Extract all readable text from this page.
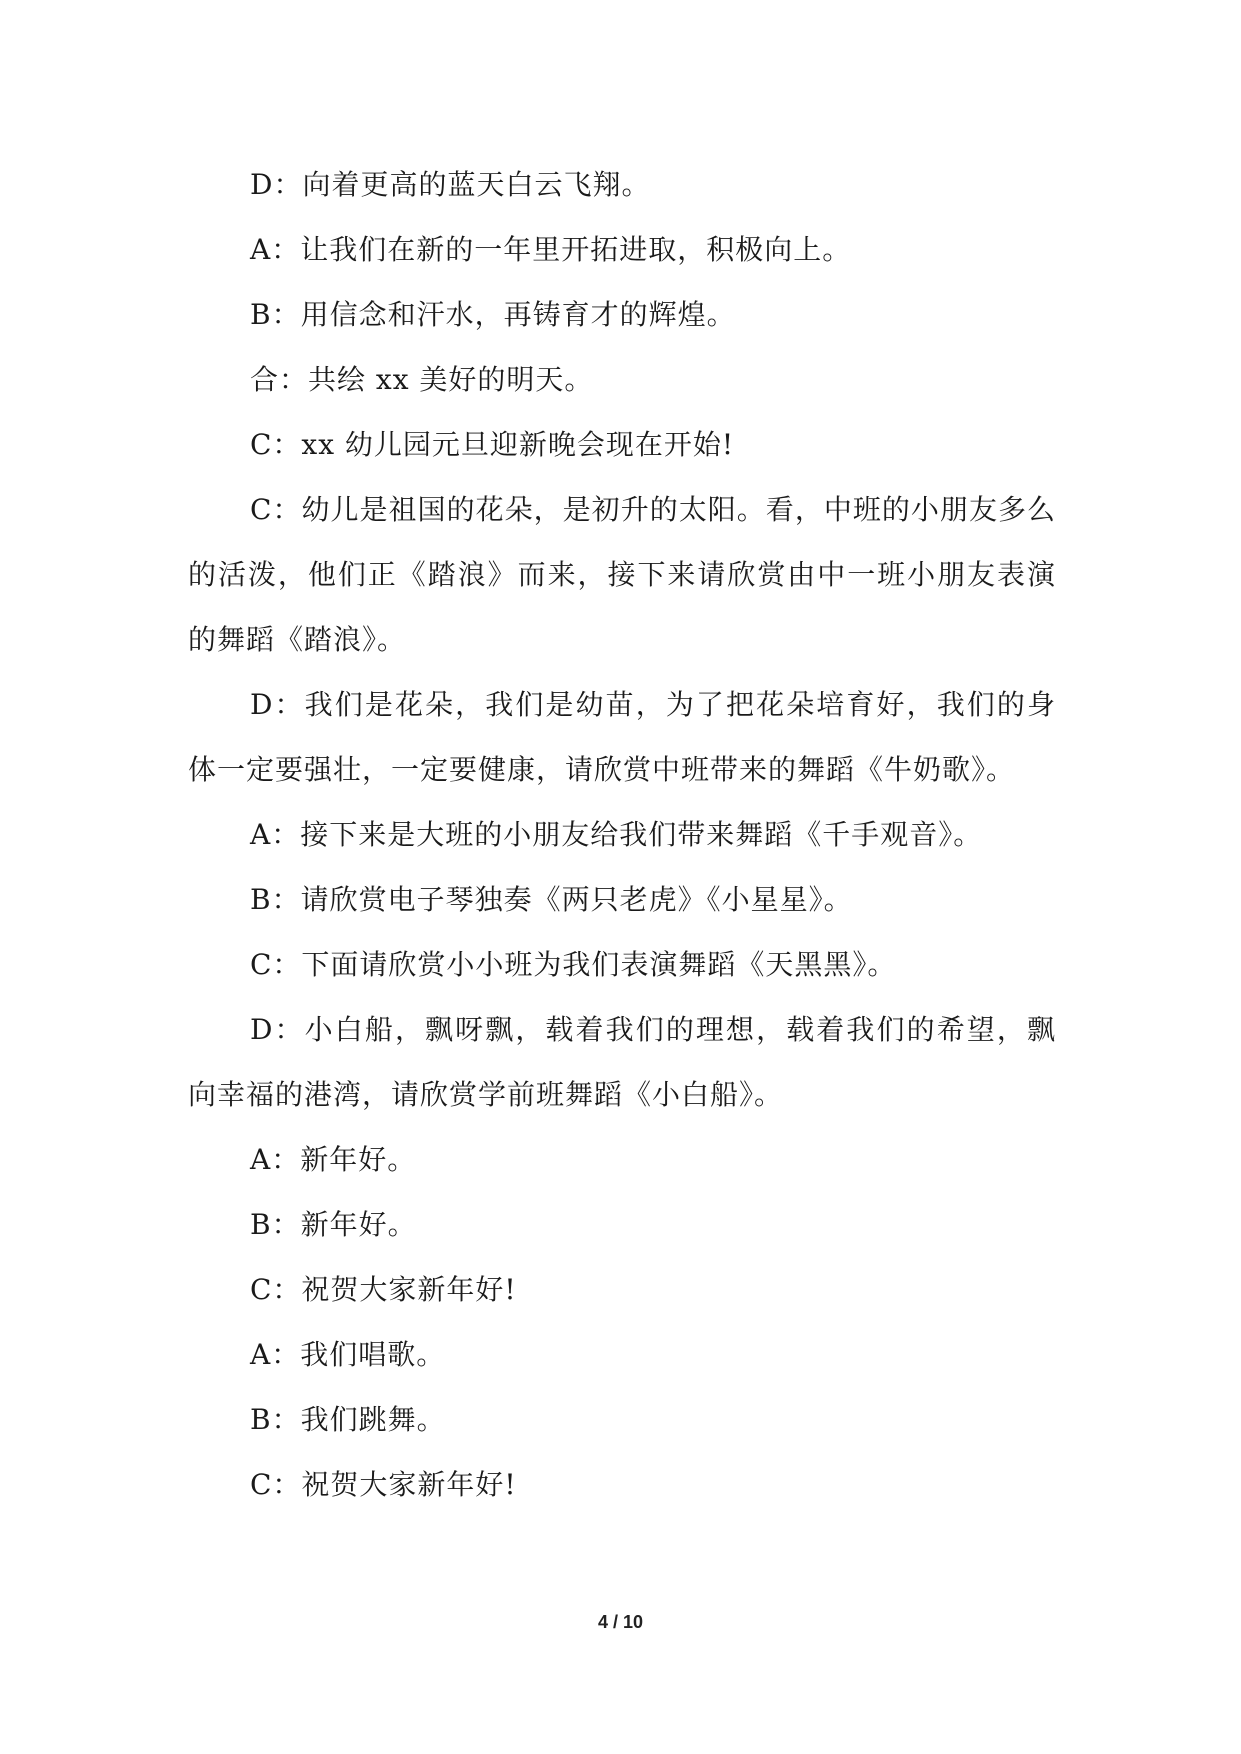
D：向着更高的蓝天白云飞翔。

A：让我们在新的一年里开拓进取，积极向上。

B：用信念和汗水，再铸育才的辉煌。

合：共绘 xx 美好的明天。

C：xx 幼儿园元旦迎新晚会现在开始!

C：幼儿是祖国的花朵，是初升的太阳。看，中班的小朋友多么的活泼，他们正《踏浪》而来，接下来请欣赏由中一班小朋友表演的舞蹈《踏浪》。

D：我们是花朵，我们是幼苗，为了把花朵培育好，我们的身体一定要强壮，一定要健康，请欣赏中班带来的舞蹈《牛奶歌》。

A：接下来是大班的小朋友给我们带来舞蹈《千手观音》。

B：请欣赏电子琴独奏《两只老虎》《小星星》。

C：下面请欣赏小小班为我们表演舞蹈《天黑黑》。

D：小白船，飘呀飘，载着我们的理想，载着我们的希望，飘向幸福的港湾，请欣赏学前班舞蹈《小白船》。

A：新年好。

B：新年好。

C：祝贺大家新年好!

A：我们唱歌。

B：我们跳舞。

C：祝贺大家新年好!

4 / 10
